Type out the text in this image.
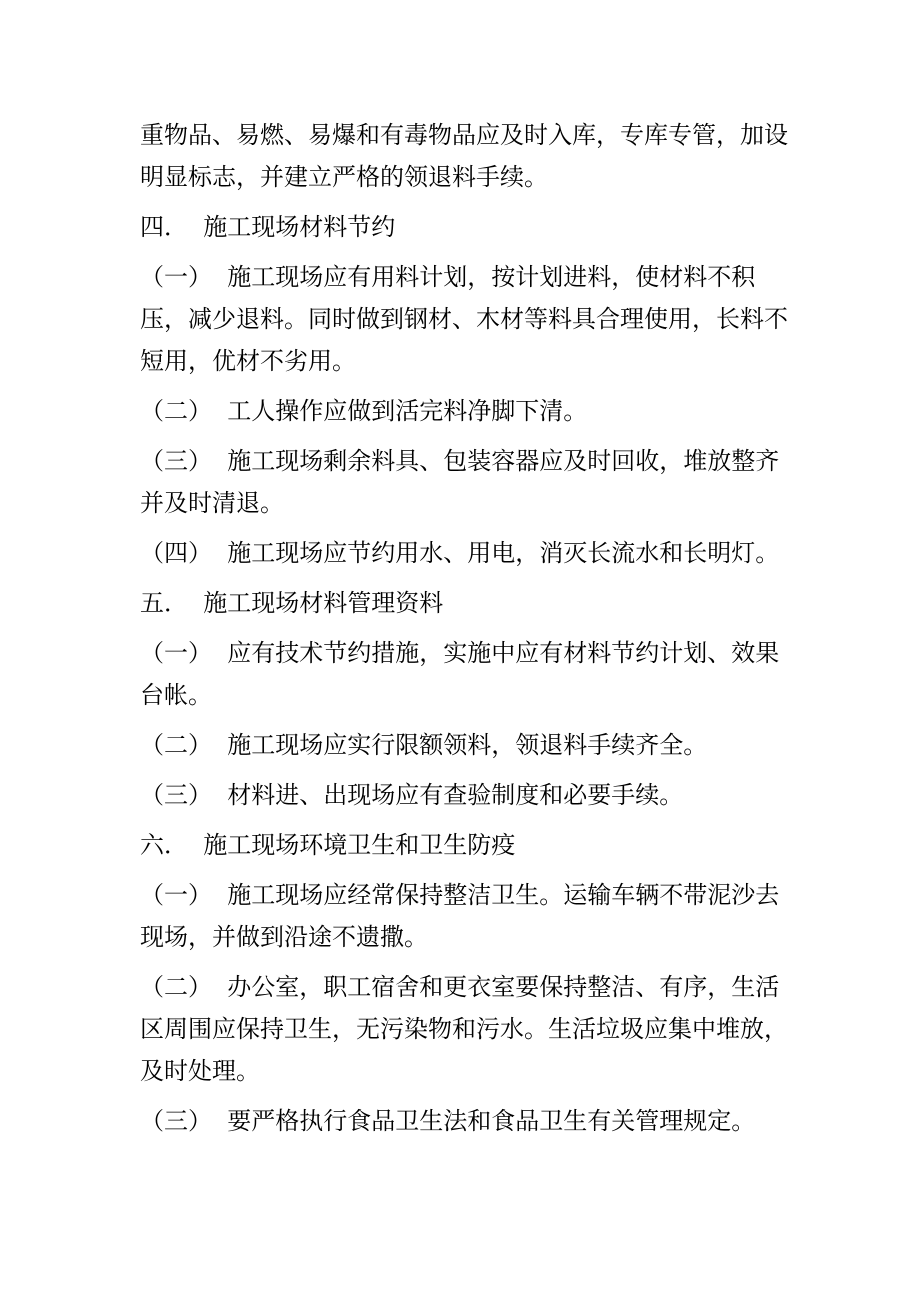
重物品、易燃、易爆和有毒物品应及时入库，专库专管，加设明显标志，并建立严格的领退料手续。

四． 施工现场材料节约

（一） 施工现场应有用料计划，按计划进料，使材料不积压，减少退料。同时做到钢材、木材等料具合理使用，长料不短用，优材不劣用。

（二） 工人操作应做到活完料净脚下清。

（三） 施工现场剩余料具、包装容器应及时回收，堆放整齐并及时清退。

（四） 施工现场应节约用水、用电，消灭长流水和长明灯。

五． 施工现场材料管理资料

（一） 应有技术节约措施，实施中应有材料节约计划、效果台帐。

（二） 施工现场应实行限额领料，领退料手续齐全。

（三） 材料进、出现场应有查验制度和必要手续。

六． 施工现场环境卫生和卫生防疫

（一） 施工现场应经常保持整洁卫生。运输车辆不带泥沙去现场，并做到沿途不遗撒。

（二） 办公室，职工宿舍和更衣室要保持整洁、有序，生活区周围应保持卫生，无污染物和污水。生活垃圾应集中堆放，及时处理。

（三） 要严格执行食品卫生法和食品卫生有关管理规定。
